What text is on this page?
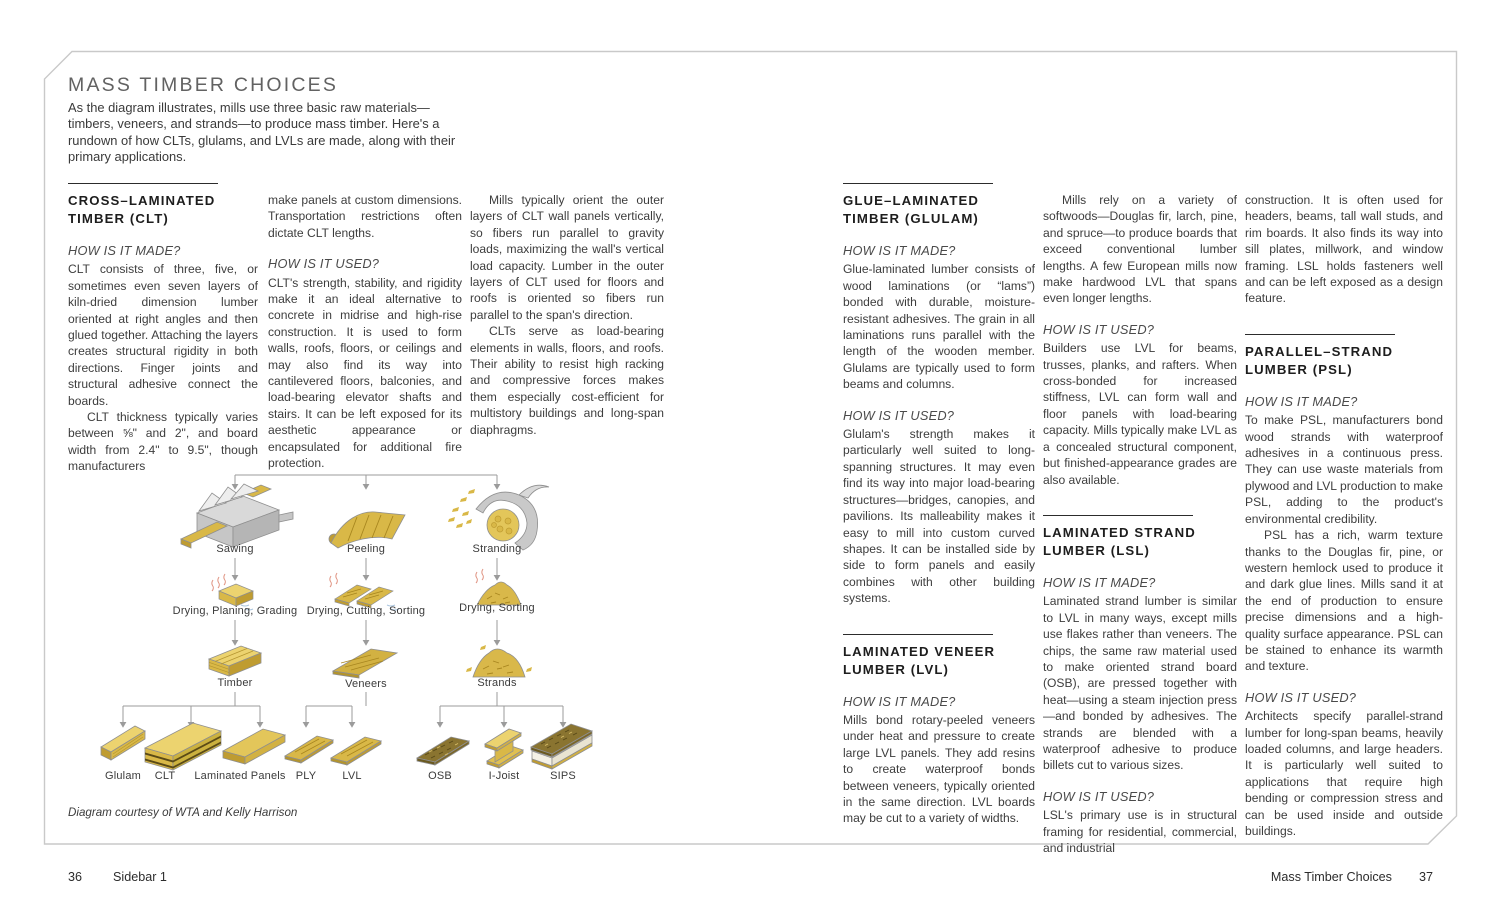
MASS TIMBER CHOICES
As the diagram illustrates, mills use three basic raw materials—timbers, veneers, and strands—to produce mass timber. Here's a rundown of how CLTs, glulams, and LVLs are made, along with their primary applications.
CROSS–LAMINATED TIMBER (CLT)
HOW IS IT MADE?

CLT consists of three, five, or sometimes even seven layers of kiln-dried dimension lumber oriented at right angles and then glued together. Attaching the layers creates structural rigidity in both directions. Finger joints and structural adhesive connect the boards.

CLT thickness typically varies between ⅝" and 2", and board width from 2.4" to 9.5", though manufacturers

make panels at custom dimensions. Transportation restrictions often dictate CLT lengths.

HOW IS IT USED?

CLT's strength, stability, and rigidity make it an ideal alternative to concrete in midrise and high-rise construction. It is used to form walls, roofs, floors, or ceilings and may also find its way into cantilevered floors, balconies, and load-bearing elevator shafts and stairs. It can be left exposed for its aesthetic appearance or encapsulated for additional fire protection.

Mills typically orient the outer layers of CLT wall panels vertically, so fibers run parallel to gravity loads, maximizing the wall's vertical load capacity. Lumber in the outer layers of CLT used for floors and roofs is oriented so fibers run parallel to the span's direction.

CLTs serve as load-bearing elements in walls, floors, and roofs. Their ability to resist high racking and compressive forces makes them especially cost-efficient for multistory buildings and long-span diaphragms.

GLUE–LAMINATED TIMBER (GLULAM)
HOW IS IT MADE?

Glue-laminated lumber consists of wood laminations (or “lams”) bonded with durable, moisture-resistant adhesives. The grain in all laminations runs parallel with the length of the wooden member. Glulams are typically used to form beams and columns.

HOW IS IT USED?

Glulam's strength makes it particularly well suited to long-spanning structures. It may even find its way into major load-bearing structures—bridges, canopies, and pavilions. Its malleability makes it easy to mill into custom curved shapes. It can be installed side by side to form panels and easily combines with other building systems.

LAMINATED VENEER LUMBER (LVL)
HOW IS IT MADE?

Mills bond rotary-peeled veneers under heat and pressure to create large LVL panels. They add resins to create waterproof bonds between veneers, typically oriented in the same direction. LVL boards may be cut to a variety of widths.

Mills rely on a variety of softwoods—Douglas fir, larch, pine, and spruce—to produce boards that exceed conventional lumber lengths. A few European mills now make hardwood LVL that spans even longer lengths.

HOW IS IT USED?

Builders use LVL for beams, trusses, planks, and rafters. When cross-bonded for increased stiffness, LVL can form wall and floor panels with load-bearing capacity. Mills typically make LVL as a concealed structural component, but finished-appearance grades are also available.

LAMINATED STRAND LUMBER (LSL)
HOW IS IT MADE?

Laminated strand lumber is similar to LVL in many ways, except mills use flakes rather than veneers. The chips, the same raw material used to make oriented strand board (OSB), are pressed together with heat—using a steam injection press—and bonded by adhesives. The strands are blended with a waterproof adhesive to produce billets cut to various sizes.

HOW IS IT USED?

LSL's primary use is in structural framing for residential, commercial, and industrial

construction. It is often used for headers, beams, tall wall studs, and rim boards. It also finds its way into sill plates, millwork, and window framing. LSL holds fasteners well and can be left exposed as a design feature.

PARALLEL–STRAND LUMBER (PSL)
HOW IS IT MADE?

To make PSL, manufacturers bond wood strands with waterproof adhesives in a continuous press. They can use waste materials from plywood and LVL production to make PSL, adding to the product's environmental credibility.

PSL has a rich, warm texture thanks to the Douglas fir, pine, or western hemlock used to produce it and dark glue lines. Mills sand it at the end of production to ensure precise dimensions and a high-quality surface appearance. PSL can be stained to enhance its warmth and texture.

HOW IS IT USED?

Architects specify parallel-strand lumber for long-span beams, heavily loaded columns, and large headers. It is particularly well suited to applications that require high bending or compression stress and can be used inside and outside buildings.

Sawing	Peeling	Stranding
Drying, Planing, Grading Drying, Cutting, Sorting	Drying, Sorting
Timber	Veneers	Strands
Glulam CLT Laminated Panels PLY LVL	OSB	I-Joist	SIPS
Diagram courtesy of WTA and Kelly Harrison
36 Sidebar 1	Mass Timber Choices 37
